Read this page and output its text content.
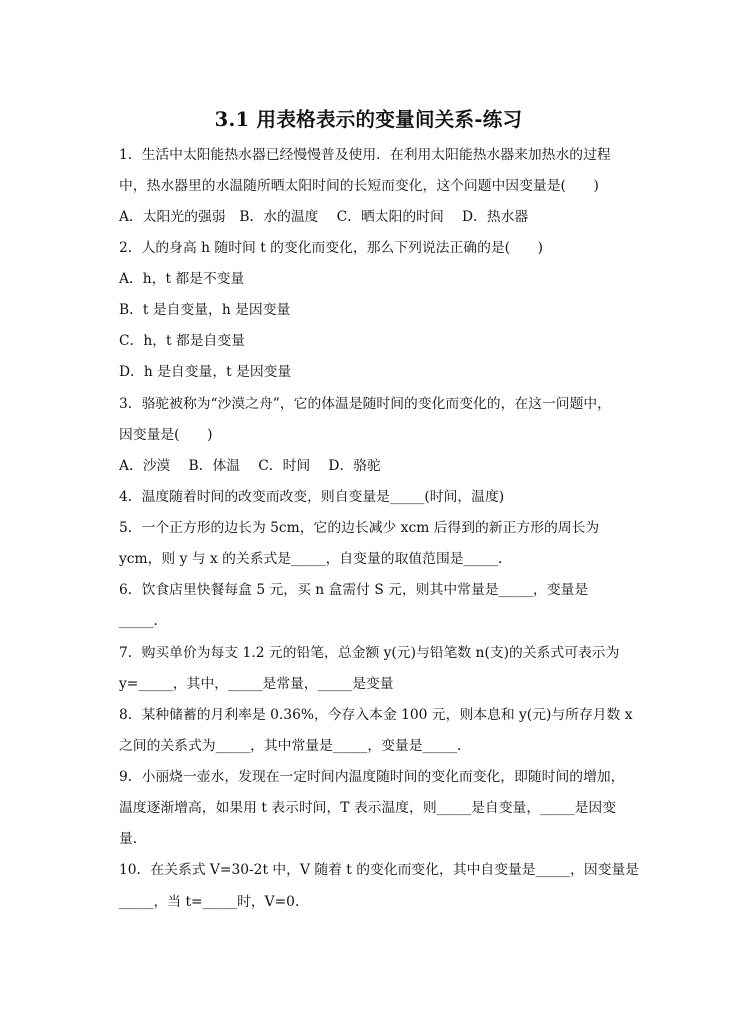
3.1 用表格表示的变量间关系-练习
1．生活中太阳能热水器已经慢慢普及使用．在利用太阳能热水器来加热水的过程
中，热水器里的水温随所晒太阳时间的长短而变化，这个问题中因变量是(　　)
A．太阳光的强弱　B．水的温度　 C．晒太阳的时间　 D．热水器
2．人的身高 h 随时间 t 的变化而变化，那么下列说法正确的是(　　)
A．h，t 都是不变量
B．t 是自变量，h 是因变量
C．h，t 都是自变量
D．h 是自变量，t 是因变量
3．骆驼被称为“沙漠之舟”，它的体温是随时间的变化而变化的，在这一问题中，
因变量是(　　)
A．沙漠　 B．体温　 C．时间　 D．骆驼
4．温度随着时间的改变而改变，则自变量是_____(时间，温度)
5．一个正方形的边长为 5cm，它的边长减少 xcm 后得到的新正方形的周长为
ycm，则 y 与 x 的关系式是_____，自变量的取值范围是_____．
6．饮食店里快餐每盒 5 元，买 n 盒需付 S 元，则其中常量是_____，变量是
_____．
7．购买单价为每支 1.2 元的铅笔，总金额 y(元)与铅笔数 n(支)的关系式可表示为
y=_____，其中，_____是常量，_____是变量
8．某种储蓄的月利率是 0.36%，今存入本金 100 元，则本息和 y(元)与所存月数 x
之间的关系式为_____，其中常量是_____，变量是_____．
9．小丽烧一壶水，发现在一定时间内温度随时间的变化而变化，即随时间的增加，
温度逐渐增高，如果用 t 表示时间，T 表示温度，则_____是自变量，_____是因变
量．
10．在关系式 V=30-2t 中，V 随着 t 的变化而变化，其中自变量是_____，因变量是
_____，当 t=_____时，V=0．
